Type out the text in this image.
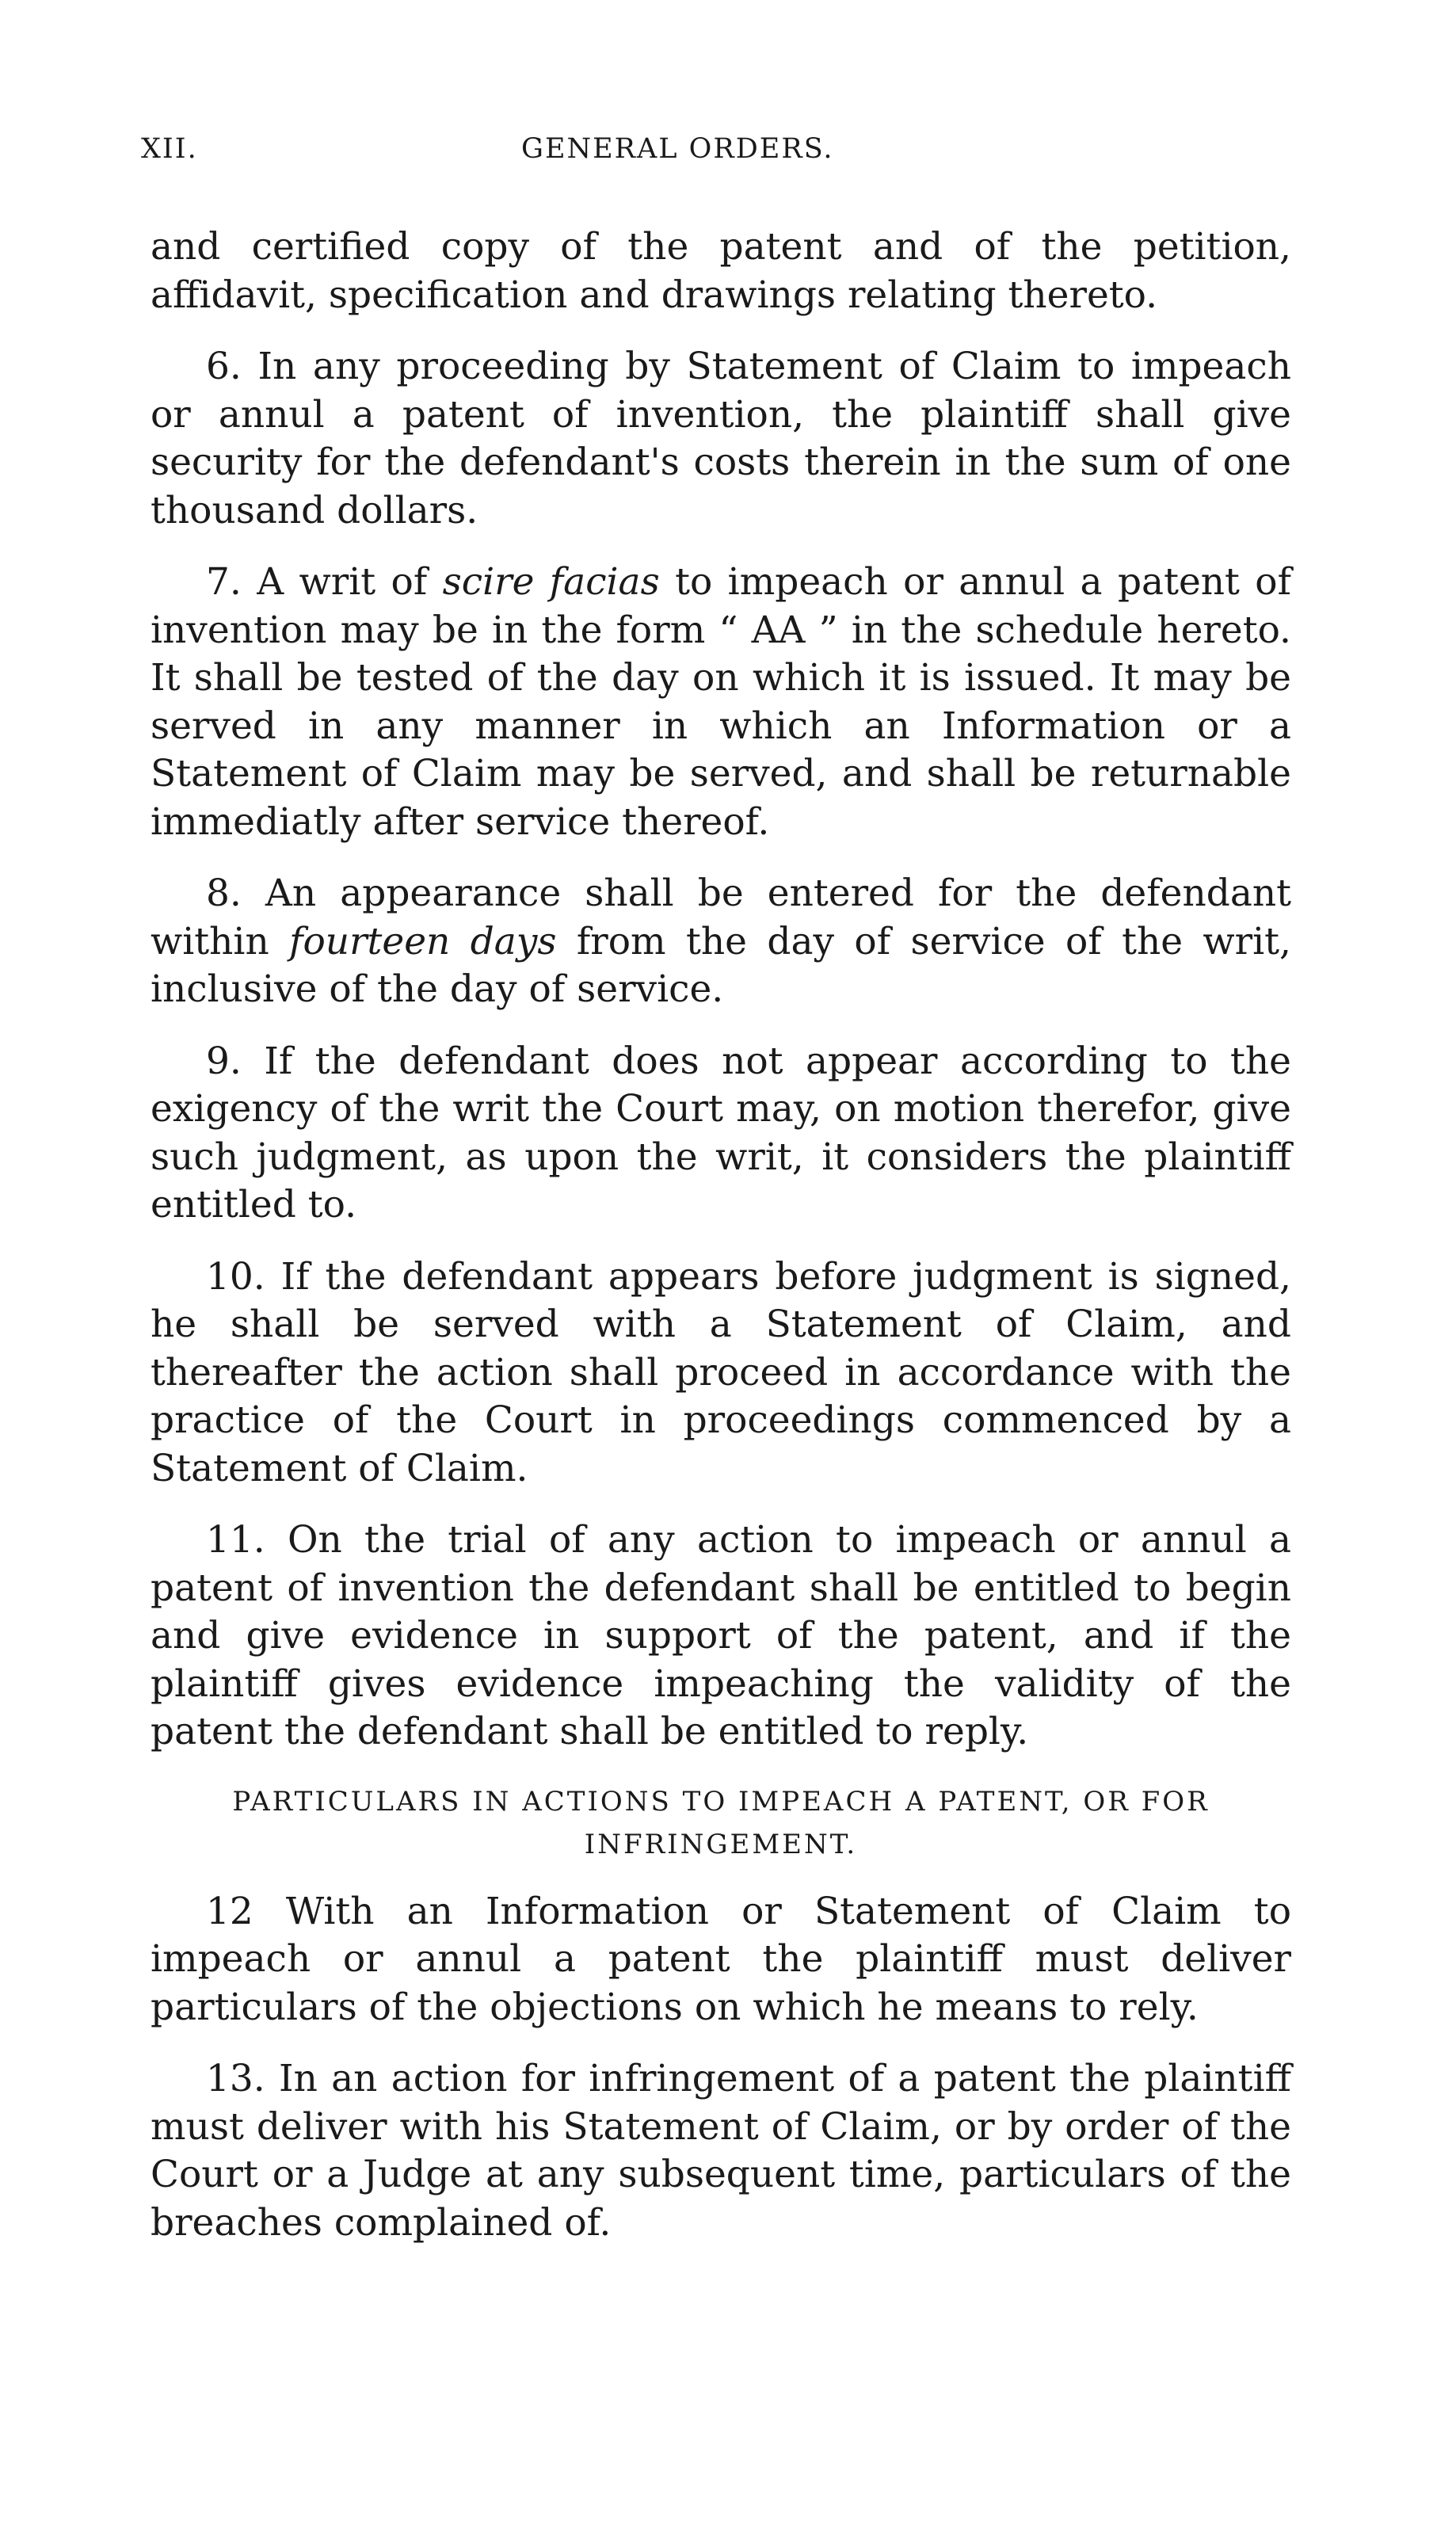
XII.	GENERAL ORDERS.

and certified copy of the patent and of the petition, affidavit, specification and drawings relating thereto.

6. In any proceeding by Statement of Claim to impeach or annul a patent of invention, the plaintiff shall give security for the defendant's costs therein in the sum of one thousand dollars.

7. A writ of scire facias to impeach or annul a patent of invention may be in the form “ AA ” in the schedule hereto. It shall be tested of the day on which it is issued. It may be served in any manner in which an Information or a Statement of Claim may be served, and shall be returnable immediatly after service thereof.

8. An appearance shall be entered for the defendant within fourteen days from the day of service of the writ, inclusive of the day of service.

9. If the defendant does not appear according to the exigency of the writ the Court may, on motion therefor, give such judgment, as upon the writ, it considers the plaintiff entitled to.

10. If the defendant appears before judgment is signed, he shall be served with a Statement of Claim, and thereafter the action shall proceed in accordance with the practice of the Court in proceedings commenced by a Statement of Claim.

11. On the trial of any action to impeach or annul a patent of invention the defendant shall be entitled to begin and give evidence in support of the patent, and if the plaintiff gives evidence impeaching the validity of the patent the defendant shall be entitled to reply.

PARTICULARS IN ACTIONS TO IMPEACH A PATENT, OR FOR INFRINGEMENT.

12 With an Information or Statement of Claim to impeach or annul a patent the plaintiff must deliver particulars of the objections on which he means to rely.

13. In an action for infringement of a patent the plaintiff must deliver with his Statement of Claim, or by order of the Court or a Judge at any subsequent time, particulars of the breaches complained of.
